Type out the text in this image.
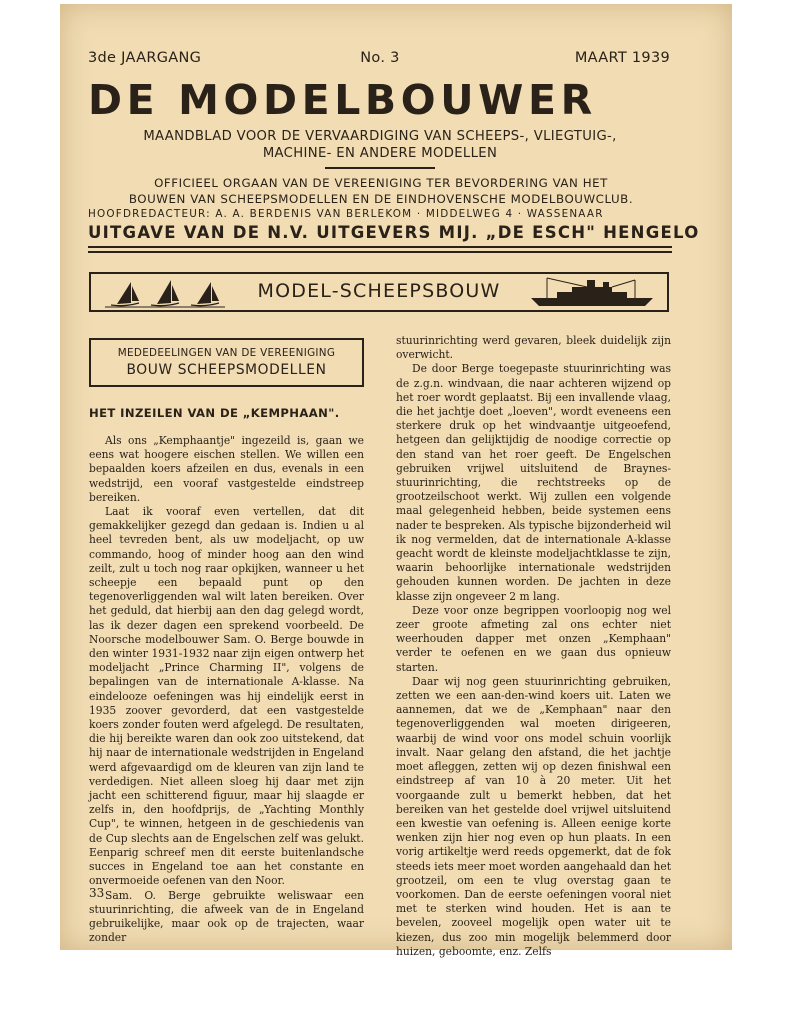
3de JAARGANG	No. 3	MAART 1939
DE MODELBOUWER
MAANDBLAD VOOR DE VERVAARDIGING VAN SCHEEPS-, VLIEGTUIG-,
MACHINE- EN ANDERE MODELLEN
OFFICIEEL ORGAAN VAN DE VEREENIGING TER BEVORDERING VAN HET
BOUWEN VAN SCHEEPSMODELLEN EN DE EINDHOVENSCHE MODELBOUWCLUB.
HOOFDREDACTEUR: A. A. BERDENIS VAN BERLEKOM · MIDDELWEG 4 · WASSENAAR
UITGAVE VAN DE N.V. UITGEVERS MIJ. „DE ESCH" HENGELO
MODEL-SCHEEPSBOUW
MEDEDEELINGEN VAN DE VEREENIGING
BOUW SCHEEPSMODELLEN
HET INZEILEN VAN DE „KEMPHAAN".

Als ons „Kemphaantje" ingezeild is, gaan we eens wat hoogere eischen stellen. We willen een bepaalden koers afzeilen en dus, evenals in een wedstrijd, een vooraf vastgestelde eindstreep bereiken.

Laat ik vooraf even vertellen, dat dit gemakkelijker gezegd dan gedaan is. Indien u al heel tevreden bent, als uw modeljacht, op uw commando, hoog of minder hoog aan den wind zeilt, zult u toch nog raar opkijken, wanneer u het scheepje een bepaald punt op den tegenoverliggenden wal wilt laten bereiken. Over het geduld, dat hierbij aan den dag gelegd wordt, las ik dezer dagen een sprekend voorbeeld. De Noorsche modelbouwer Sam. O. Berge bouwde in den winter 1931-1932 naar zijn eigen ontwerp het modeljacht „Prince Charming II", volgens de bepalingen van de internationale A-klasse. Na eindelooze oefeningen was hij eindelijk eerst in 1935 zoover gevorderd, dat een vastgestelde koers zonder fouten werd afgelegd. De resultaten, die hij bereikte waren dan ook zoo uitstekend, dat hij naar de internationale wedstrijden in Engeland werd afgevaardigd om de kleuren van zijn land te verdedigen. Niet alleen sloeg hij daar met zijn jacht een schitterend figuur, maar hij slaagde er zelfs in, den hoofdprijs, de „Yachting Monthly Cup", te winnen, hetgeen in de geschiedenis van de Cup slechts aan de Engelschen zelf was gelukt. Eenparig schreef men dit eerste buitenlandsche succes in Engeland toe aan het constante en onvermoeide oefenen van den Noor.

Sam. O. Berge gebruikte weliswaar een stuurinrichting, die afweek van de in Engeland gebruikelijke, maar ook op de trajecten, waar zonder

stuurinrichting werd gevaren, bleek duidelijk zijn overwicht.

De door Berge toegepaste stuurinrichting was de z.g.n. windvaan, die naar achteren wijzend op het roer wordt geplaatst. Bij een invallende vlaag, die het jachtje doet „loeven", wordt eveneens een sterkere druk op het windvaantje uitgeoefend, hetgeen dan gelijktijdig de noodige correctie op den stand van het roer geeft. De Engelschen gebruiken vrijwel uitsluitend de Braynes-stuurinrichting, die rechtstreeks op de grootzeilschoot werkt. Wij zullen een volgende maal gelegenheid hebben, beide systemen eens nader te bespreken. Als typische bijzonderheid wil ik nog vermelden, dat de internationale A-klasse geacht wordt de kleinste modeljachtklasse te zijn, waarin behoorlijke internationale wedstrijden gehouden kunnen worden. De jachten in deze klasse zijn ongeveer 2 m lang.

Deze voor onze begrippen voorloopig nog wel zeer groote afmeting zal ons echter niet weerhouden dapper met onzen „Kemphaan" verder te oefenen en we gaan dus opnieuw starten.

Daar wij nog geen stuurinrichting gebruiken, zetten we een aan-den-wind koers uit. Laten we aannemen, dat we de „Kemphaan" naar den tegenoverliggenden wal moeten dirigeeren, waarbij de wind voor ons model schuin voorlijk invalt. Naar gelang den afstand, die het jachtje moet afleggen, zetten wij op dezen finishwal een eindstreep af van 10 à 20 meter. Uit het voorgaande zult u bemerkt hebben, dat het bereiken van het gestelde doel vrijwel uitsluitend een kwestie van oefening is. Alleen eenige korte wenken zijn hier nog even op hun plaats. In een vorig artikeltje werd reeds opgemerkt, dat de fok steeds iets meer moet worden aangehaald dan het grootzeil, om een te vlug overstag gaan te voorkomen. Dan de eerste oefeningen vooral niet met te sterken wind houden. Het is aan te bevelen, zooveel mogelijk open water uit te kiezen, dus zoo min mogelijk belemmerd door huizen, geboomte, enz. Zelfs

33
